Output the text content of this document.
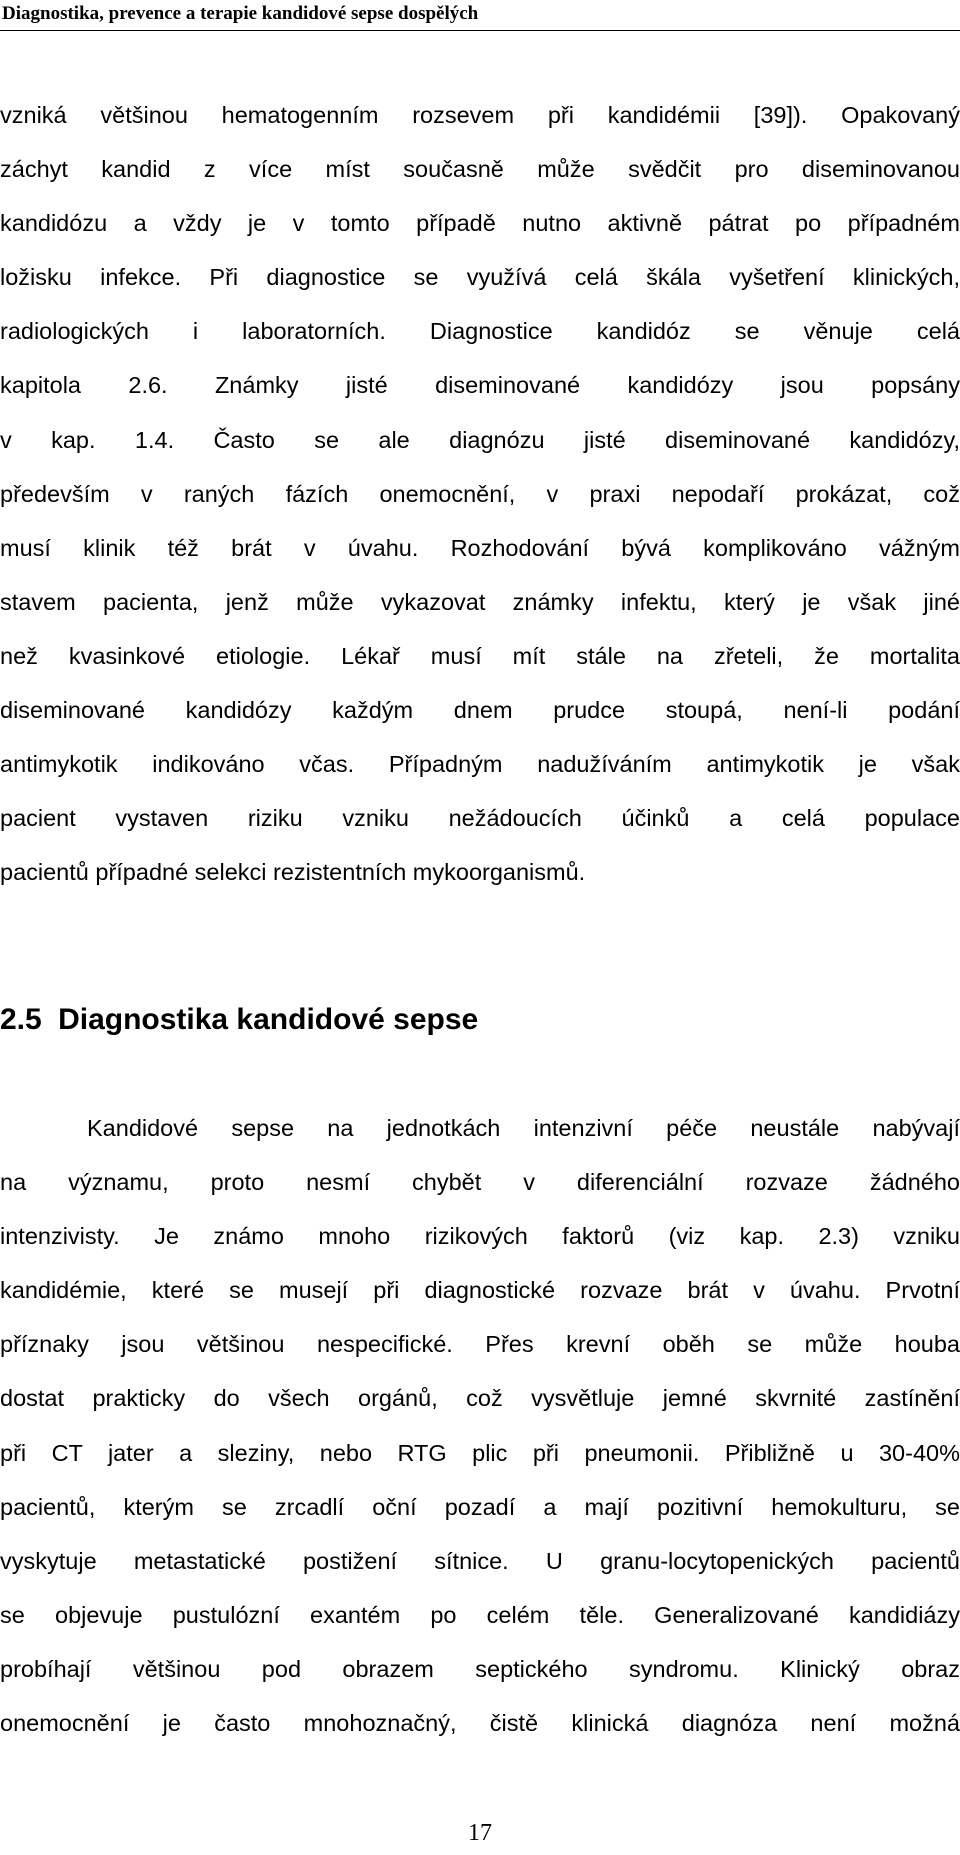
Diagnostika, prevence a terapie kandidové sepse dospělých
vzniká většinou hematogenním rozsevem při kandidémii [39]). Opakovaný
záchyt kandid z více míst současně může svědčit pro diseminovanou
kandidózu a vždy je v tomto případě nutno aktivně pátrat po případném
ložisku infekce. Při diagnostice se využívá celá škála vyšetření klinických,
radiologických i laboratorních. Diagnostice kandidóz se věnuje celá
kapitola 2.6. Známky jisté diseminované kandidózy jsou popsány
v kap. 1.4. Často se ale diagnózu jisté diseminované kandidózy,
především v raných fázích onemocnění, v praxi nepodaří prokázat, což
musí klinik též brát v úvahu. Rozhodování bývá komplikováno vážným
stavem pacienta, jenž může vykazovat známky infektu, který je však jiné
než kvasinkové etiologie. Lékař musí mít stále na zřeteli, že mortalita
diseminované kandidózy každým dnem prudce stoupá, není-li podání
antimykotik indikováno včas. Případným nadužíváním antimykotik je však
pacient vystaven riziku vzniku nežádoucích účinků a celá populace
pacientů případné selekci rezistentních mykoorganismů.
2.5 Diagnostika kandidové sepse
Kandidové sepse na jednotkách intenzivní péče neustále nabývají
na významu, proto nesmí chybět v diferenciální rozvaze žádného
intenzivisty. Je známo mnoho rizikových faktorů (viz kap. 2.3) vzniku
kandidémie, které se musejí při diagnostické rozvaze brát v úvahu. Prvotní
příznaky jsou většinou nespecifické. Přes krevní oběh se může houba
dostat prakticky do všech orgánů, což vysvětluje jemné skvrnité zastínění
při CT jater a sleziny, nebo RTG plic při pneumonii. Přibližně u 30-40%
pacientů, kterým se zrcadlí oční pozadí a mají pozitivní hemokulturu, se
vyskytuje metastatické postižení sítnice. U granu-locytopenických pacientů
se objevuje pustulózní exantém po celém těle. Generalizované kandidiázy
probíhají většinou pod obrazem septického syndromu. Klinický obraz
onemocnění je často mnohoznačný, čistě klinická diagnóza není možná
17
